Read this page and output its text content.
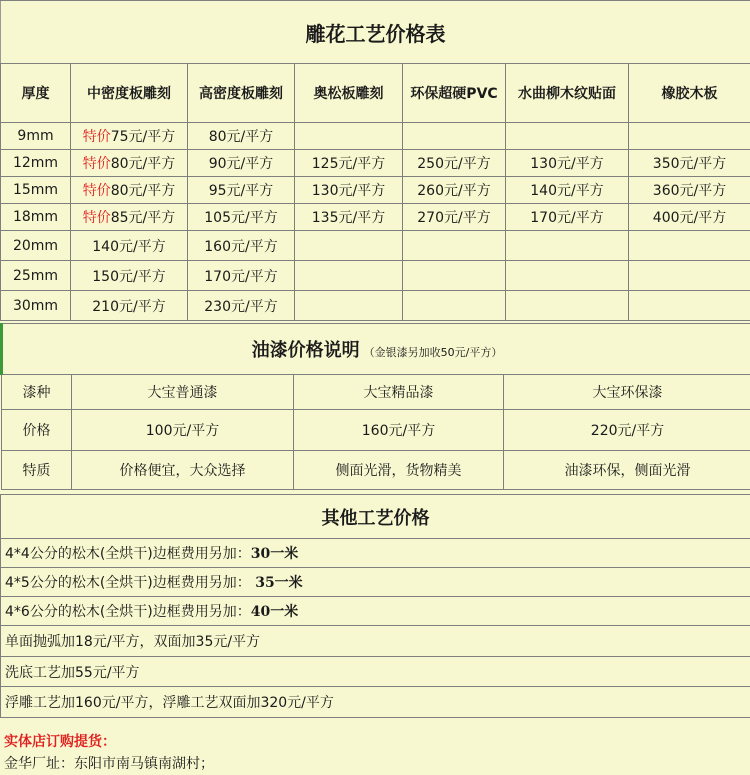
雕花工艺价格表						
厚度	中密度板雕刻	高密度板雕刻	奥松板雕刻	环保超硬PVC	水曲柳木纹贴面	橡胶木板
9mm	特价75元/平方	80元/平方				
12mm	特价80元/平方	90元/平方	125元/平方	250元/平方	130元/平方	350元/平方
15mm	特价80元/平方	95元/平方	130元/平方	260元/平方	140元/平方	360元/平方
18mm	特价85元/平方	105元/平方	135元/平方	270元/平方	170元/平方	400元/平方
20mm	140元/平方	160元/平方				
25mm	150元/平方	170元/平方				
30mm	210元/平方	230元/平方				
油漆价格说明 （金银漆另加收50元/平方）			
漆种	大宝普通漆	大宝精品漆	大宝环保漆
价格	100元/平方	160元/平方	220元/平方
特质	价格便宜，大众选择	侧面光滑，货物精美	油漆环保，侧面光滑
其他工艺价格
4*4公分的松木(全烘干)边框费用另加：30一米
4*5公分的松木(全烘干)边框费用另加： 35一米
4*6公分的松木(全烘干)边框费用另加：40一米
单面抛弧加18元/平方，双面加35元/平方
洗底工艺加55元/平方
浮雕工艺加160元/平方，浮雕工艺双面加320元/平方
实体店订购提货：
金华厂址：东阳市南马镇南湖村；
